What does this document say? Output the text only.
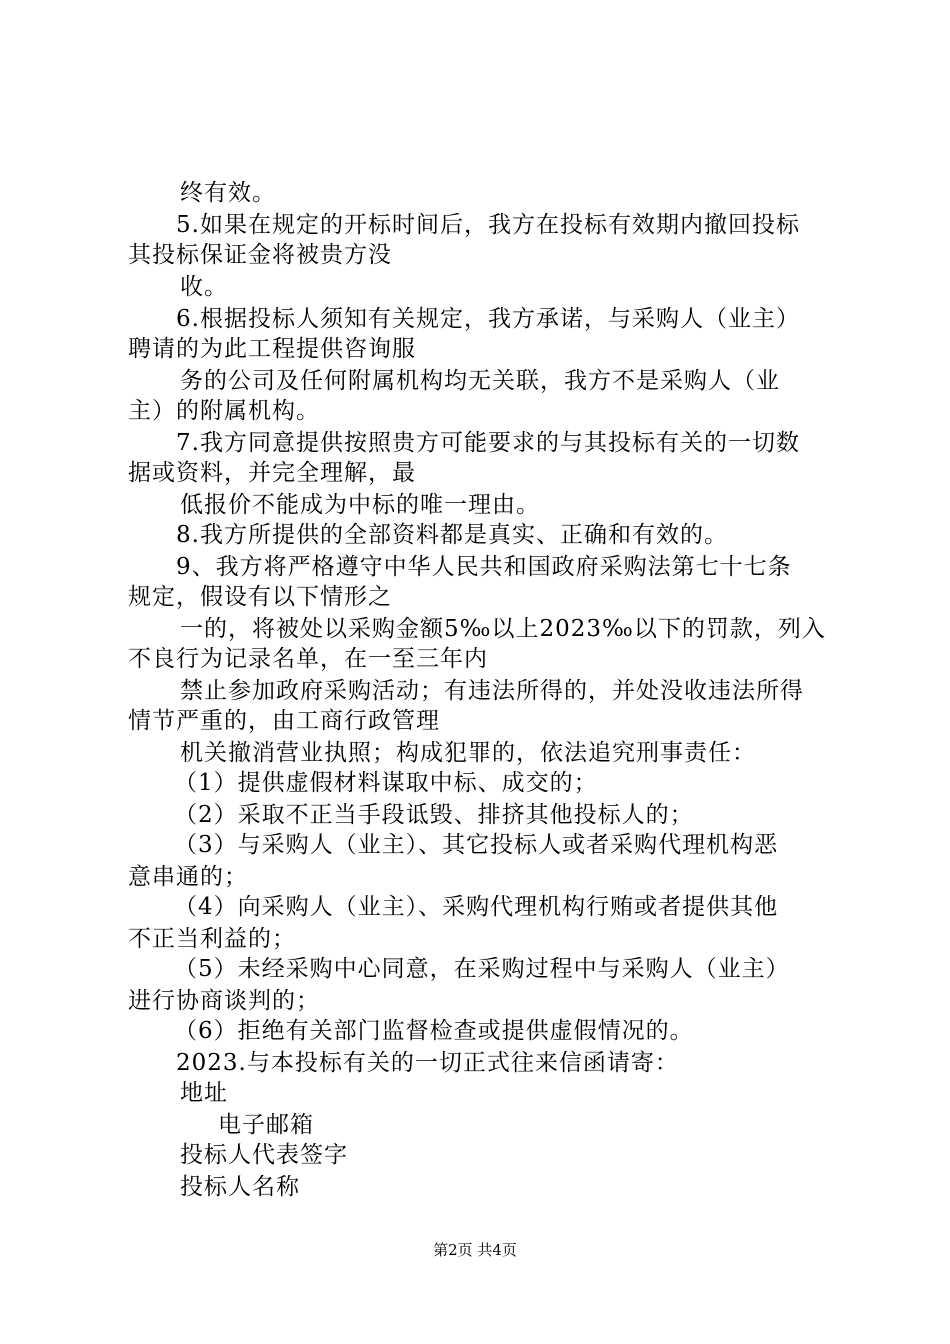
终有效。
5.如果在规定的开标时间后，我方在投标有效期内撤回投标
其投标保证金将被贵方没
收。
6.根据投标人须知有关规定，我方承诺，与采购人（业主）
聘请的为此工程提供咨询服
务的公司及任何附属机构均无关联，我方不是采购人（业
主）的附属机构。
7.我方同意提供按照贵方可能要求的与其投标有关的一切数
据或资料，并完全理解，最
低报价不能成为中标的唯一理由。
8.我方所提供的全部资料都是真实、正确和有效的。
9、我方将严格遵守中华人民共和国政府采购法第七十七条
规定，假设有以下情形之
一的，将被处以采购金额5‰以上2023‰以下的罚款，列入
不良行为记录名单，在一至三年内
禁止参加政府采购活动；有违法所得的，并处没收违法所得
情节严重的，由工商行政管理
机关撤消营业执照；构成犯罪的，依法追究刑事责任：
（1）提供虚假材料谋取中标、成交的；
（2）采取不正当手段诋毁、排挤其他投标人的；
（3）与采购人（业主）、其它投标人或者采购代理机构恶
意串通的；
（4）向采购人（业主）、采购代理机构行贿或者提供其他
不正当利益的；
（5）未经采购中心同意，在采购过程中与采购人（业主）
进行协商谈判的；
（6）拒绝有关部门监督检查或提供虚假情况的。
2023.与本投标有关的一切正式往来信函请寄：
地址
电子邮箱
投标人代表签字
投标人名称
第2页 共4页
